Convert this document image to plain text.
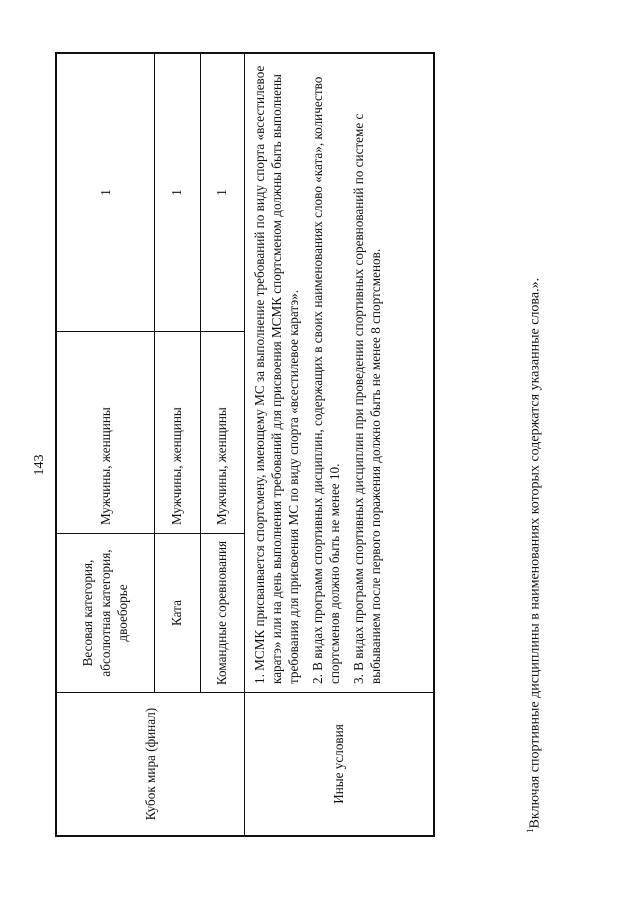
143
Кубок мира (финал)	Весовая категория, абсолютная категория, двоеборье	Мужчины, женщины	1
	Ката	Мужчины, женщины	1
	Командные соревнования	Мужчины, женщины	1
Иные условия	1. МСМК присваивается спортсмену, имеющему МС за выполнение требований по виду спорта «всестилевое каратэ» или на день выполнения требований для присвоения МСМК спортсменом должны быть выполнены требования для присвоения МС по виду спорта «всестилевое каратэ». 2. В видах программ спортивных дисциплин, содержащих в своих наименованиях слово «ката», количество спортсменов должно быть не менее 10. 3. В видах программ спортивных дисциплин при проведении спортивных соревнований по системе с выбыванием после первого поражения должно быть не менее 8 спортсменов.		

$^1$Включая спортивные дисциплины в наименованиях которых содержатся указанные слова.».
